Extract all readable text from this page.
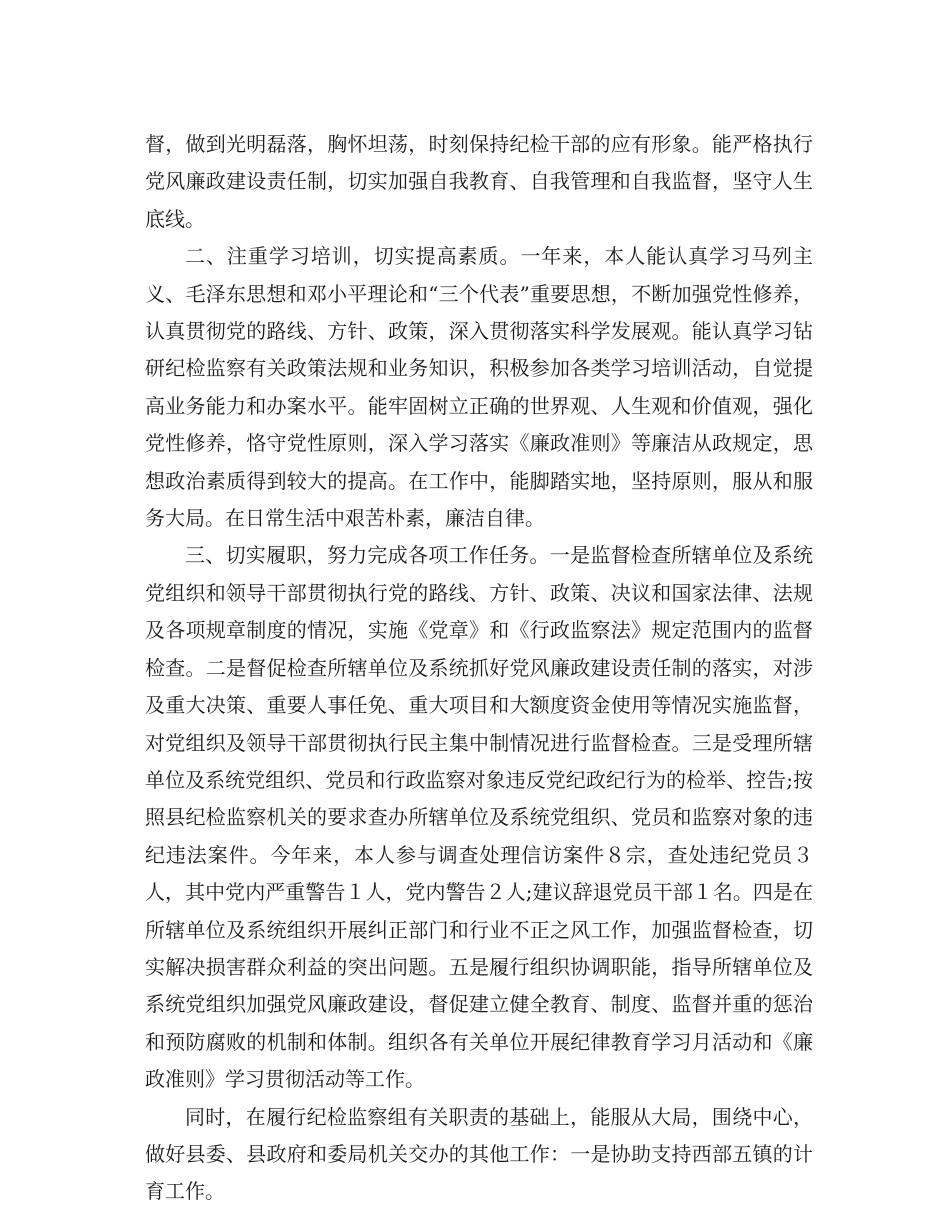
督，做到光明磊落，胸怀坦荡，时刻保持纪检干部的应有形象。能严格执行党风廉政建设责任制，切实加强自我教育、自我管理和自我监督，坚守人生底线。

二、注重学习培训，切实提高素质。一年来，本人能认真学习马列主义、毛泽东思想和邓小平理论和“三个代表”重要思想，不断加强党性修养，认真贯彻党的路线、方针、政策，深入贯彻落实科学发展观。能认真学习钻研纪检监察有关政策法规和业务知识，积极参加各类学习培训活动，自觉提高业务能力和办案水平。能牢固树立正确的世界观、人生观和价值观，强化党性修养，恪守党性原则，深入学习落实《廉政准则》等廉洁从政规定，思想政治素质得到较大的提高。在工作中，能脚踏实地，坚持原则，服从和服务大局。在日常生活中艰苦朴素，廉洁自律。

三、切实履职，努力完成各项工作任务。一是监督检查所辖单位及系统党组织和领导干部贯彻执行党的路线、方针、政策、决议和国家法律、法规及各项规章制度的情况，实施《党章》和《行政监察法》规定范围内的监督检查。二是督促检查所辖单位及系统抓好党风廉政建设责任制的落实，对涉及重大决策、重要人事任免、重大项目和大额度资金使用等情况实施监督，对党组织及领导干部贯彻执行民主集中制情况进行监督检查。三是受理所辖单位及系统党组织、党员和行政监察对象违反党纪政纪行为的检举、控告;按照县纪检监察机关的要求查办所辖单位及系统党组织、党员和监察对象的违纪违法案件。今年来，本人参与调查处理信访案件８宗，查处违纪党员３人，其中党内严重警告１人，党内警告２人;建议辞退党员干部１名。四是在所辖单位及系统组织开展纠正部门和行业不正之风工作，加强监督检查，切实解决损害群众利益的突出问题。五是履行组织协调职能，指导所辖单位及系统党组织加强党风廉政建设，督促建立健全教育、制度、监督并重的惩治和预防腐败的机制和体制。组织各有关单位开展纪律教育学习月活动和《廉政准则》学习贯彻活动等工作。

同时，在履行纪检监察组有关职责的基础上，能服从大局，围绕中心，做好县委、县政府和委局机关交办的其他工作：一是协助支持西部五镇的计育工作。
